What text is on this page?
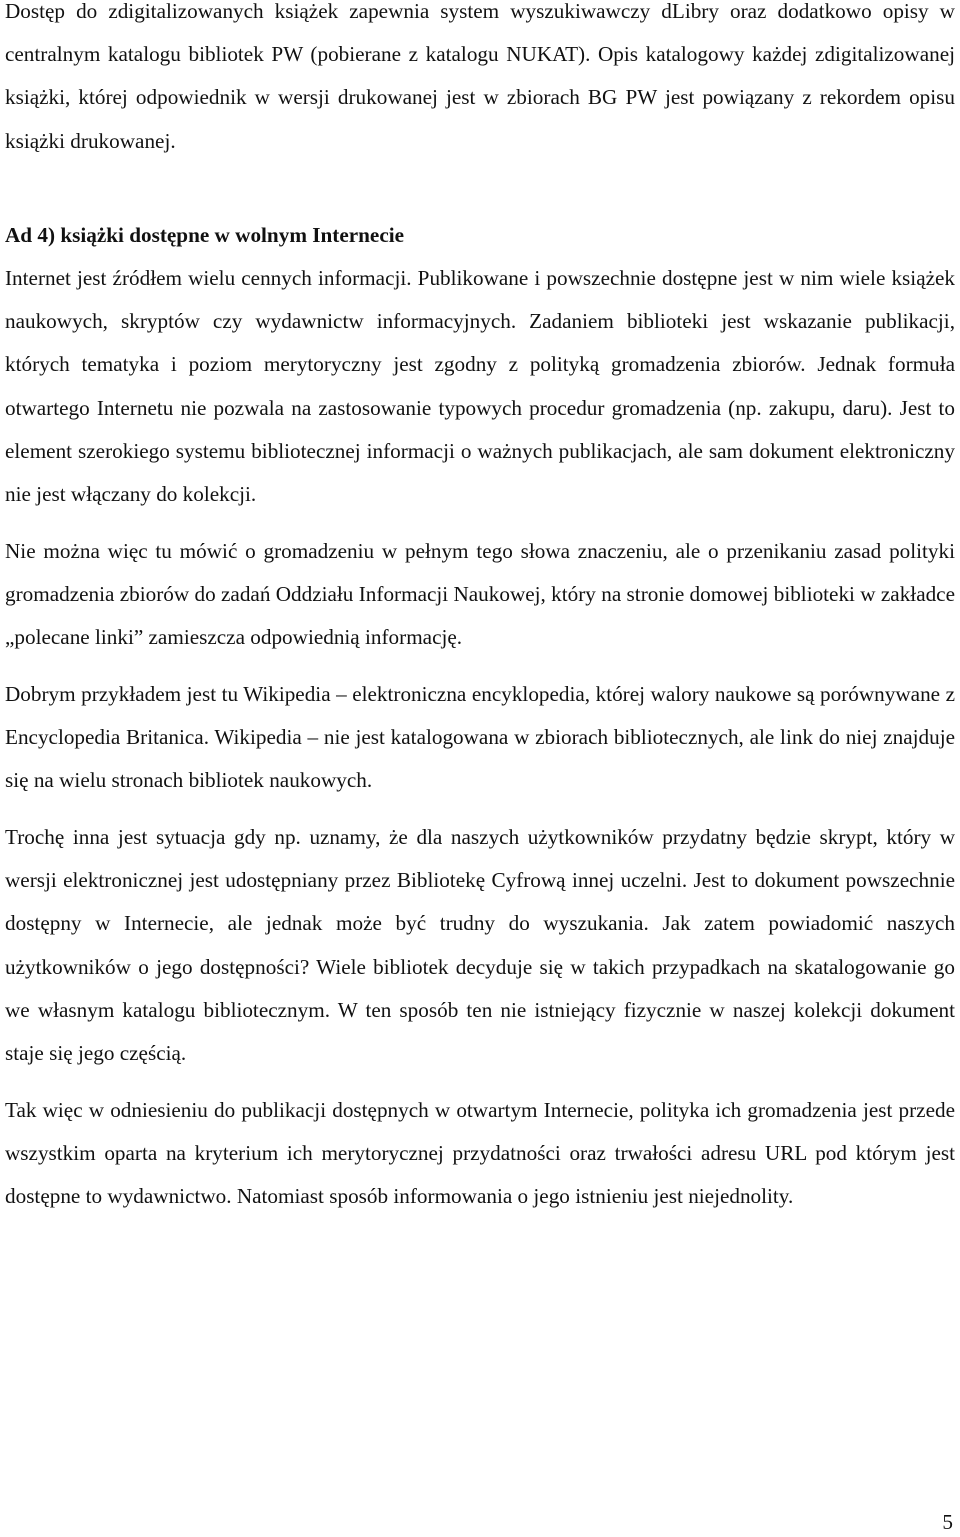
Dostęp do zdigitalizowanych książek zapewnia system wyszukiwawczy dLibry oraz dodatkowo opisy w centralnym katalogu bibliotek PW (pobierane z katalogu NUKAT). Opis katalogowy każdej zdigitalizowanej książki, której odpowiednik w wersji drukowanej jest w zbiorach BG PW jest powiązany z rekordem opisu książki drukowanej.

Ad 4) książki dostępne w wolnym Internecie

Internet jest źródłem wielu cennych informacji. Publikowane i powszechnie dostępne jest w nim wiele książek naukowych, skryptów czy wydawnictw informacyjnych. Zadaniem biblioteki jest wskazanie publikacji, których tematyka i poziom merytoryczny jest zgodny z polityką gromadzenia zbiorów. Jednak formuła otwartego Internetu nie pozwala na zastosowanie typowych procedur gromadzenia (np. zakupu, daru). Jest to element szerokiego systemu bibliotecznej informacji o ważnych publikacjach, ale sam dokument elektroniczny nie jest włączany do kolekcji.

Nie można więc tu mówić o gromadzeniu w pełnym tego słowa znaczeniu, ale o przenikaniu zasad polityki gromadzenia zbiorów do zadań Oddziału Informacji Naukowej, który na stronie domowej biblioteki w zakładce „polecane linki” zamieszcza odpowiednią informację.

Dobrym przykładem jest tu Wikipedia – elektroniczna encyklopedia, której walory naukowe są porównywane z Encyclopedia Britanica. Wikipedia – nie jest katalogowana w zbiorach bibliotecznych, ale link do niej znajduje się na wielu stronach bibliotek naukowych.

Trochę inna jest sytuacja gdy np. uznamy, że dla naszych użytkowników przydatny będzie skrypt, który w wersji elektronicznej jest udostępniany przez Bibliotekę Cyfrową innej uczelni. Jest to dokument powszechnie dostępny w Internecie, ale jednak może być trudny do wyszukania. Jak zatem powiadomić naszych użytkowników o jego dostępności? Wiele bibliotek decyduje się w takich przypadkach na skatalogowanie go we własnym katalogu bibliotecznym. W ten sposób ten nie istniejący fizycznie w naszej kolekcji dokument staje się jego częścią.

Tak więc w odniesieniu do publikacji dostępnych w otwartym Internecie, polityka ich gromadzenia jest przede wszystkim oparta na kryterium ich merytorycznej przydatności oraz trwałości adresu URL pod którym jest dostępne to wydawnictwo. Natomiast sposób informowania o jego istnieniu jest niejednolity.

5
